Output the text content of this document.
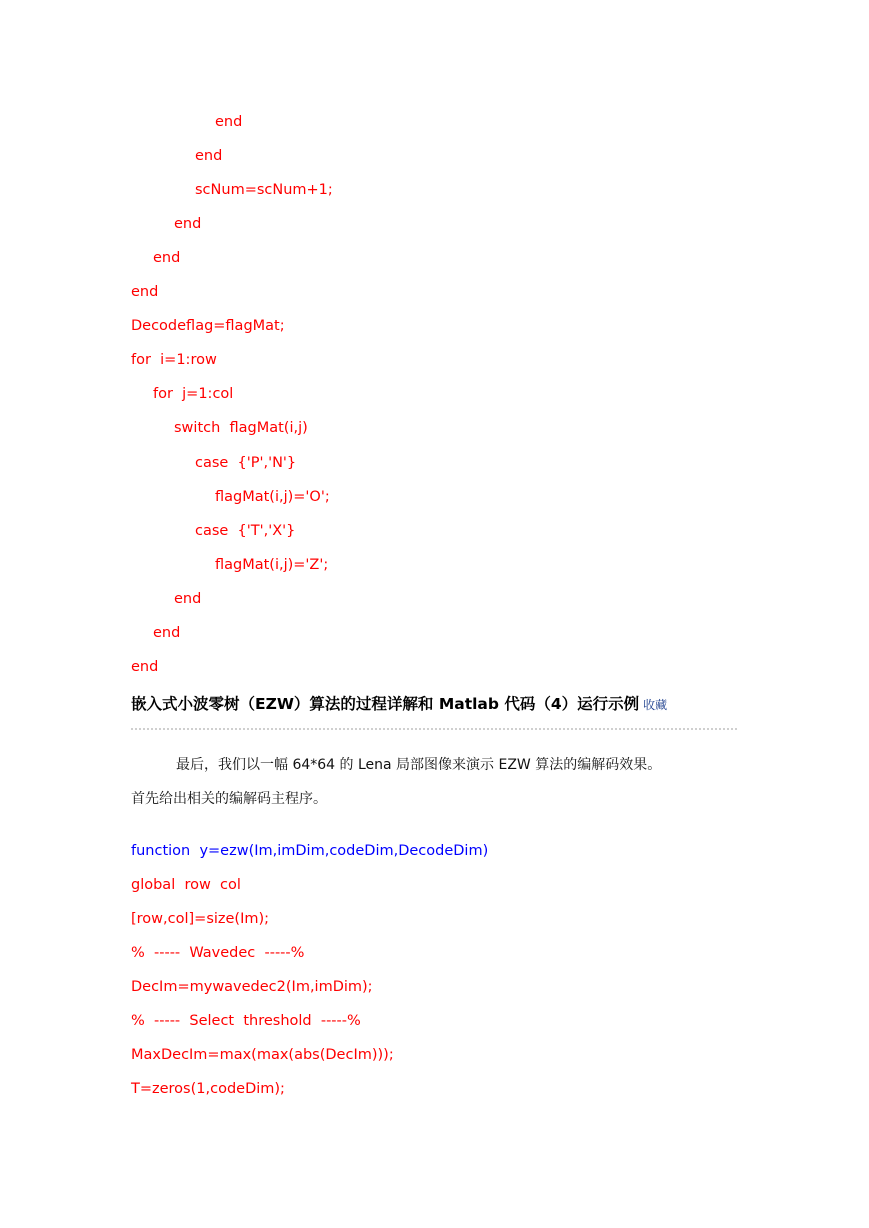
end
end
scNum=scNum+1;
end
end
end
Decodeflag=flagMat;
for  i=1:row
for  j=1:col
switch  flagMat(i,j)
case  {'P','N'}
flagMat(i,j)='O';
case  {'T','X'}
flagMat(i,j)='Z';
end
end
end
嵌入式小波零树（EZW）算法的过程详解和 Matlab 代码（4）运行示例 收藏
最后，我们以一幅 64*64 的 Lena 局部图像来演示 EZW 算法的编解码效果。
首先给出相关的编解码主程序。
function  y=ezw(Im,imDim,codeDim,DecodeDim)
global  row  col
[row,col]=size(Im);
%  -----  Wavedec  -----%
DecIm=mywavedec2(Im,imDim);
%  -----  Select  threshold  -----%
MaxDecIm=max(max(abs(DecIm)));
T=zeros(1,codeDim);
